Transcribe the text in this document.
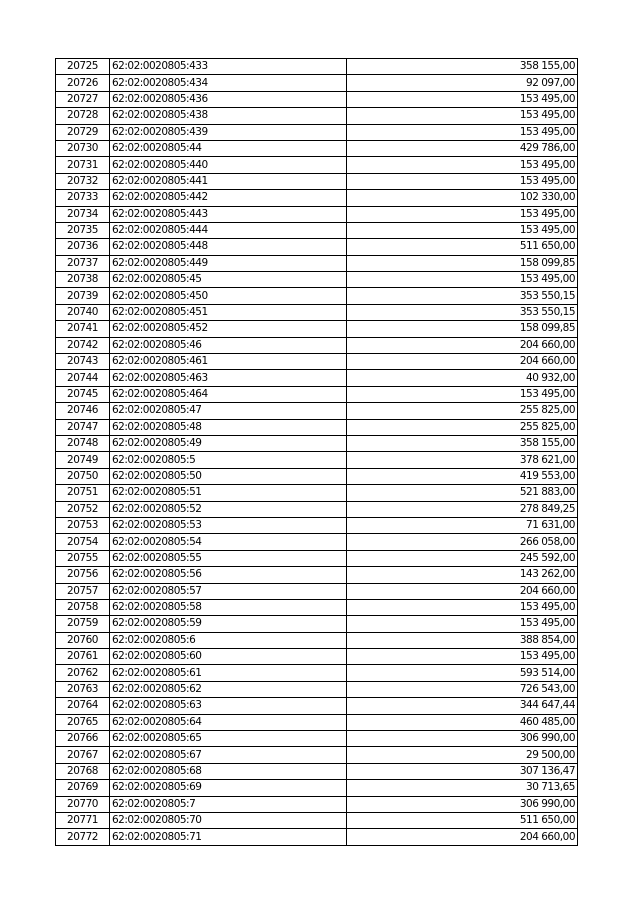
20725	62:02:0020805:433	358 155,00
20726	62:02:0020805:434	92 097,00
20727	62:02:0020805:436	153 495,00
20728	62:02:0020805:438	153 495,00
20729	62:02:0020805:439	153 495,00
20730	62:02:0020805:44	429 786,00
20731	62:02:0020805:440	153 495,00
20732	62:02:0020805:441	153 495,00
20733	62:02:0020805:442	102 330,00
20734	62:02:0020805:443	153 495,00
20735	62:02:0020805:444	153 495,00
20736	62:02:0020805:448	511 650,00
20737	62:02:0020805:449	158 099,85
20738	62:02:0020805:45	153 495,00
20739	62:02:0020805:450	353 550,15
20740	62:02:0020805:451	353 550,15
20741	62:02:0020805:452	158 099,85
20742	62:02:0020805:46	204 660,00
20743	62:02:0020805:461	204 660,00
20744	62:02:0020805:463	40 932,00
20745	62:02:0020805:464	153 495,00
20746	62:02:0020805:47	255 825,00
20747	62:02:0020805:48	255 825,00
20748	62:02:0020805:49	358 155,00
20749	62:02:0020805:5	378 621,00
20750	62:02:0020805:50	419 553,00
20751	62:02:0020805:51	521 883,00
20752	62:02:0020805:52	278 849,25
20753	62:02:0020805:53	71 631,00
20754	62:02:0020805:54	266 058,00
20755	62:02:0020805:55	245 592,00
20756	62:02:0020805:56	143 262,00
20757	62:02:0020805:57	204 660,00
20758	62:02:0020805:58	153 495,00
20759	62:02:0020805:59	153 495,00
20760	62:02:0020805:6	388 854,00
20761	62:02:0020805:60	153 495,00
20762	62:02:0020805:61	593 514,00
20763	62:02:0020805:62	726 543,00
20764	62:02:0020805:63	344 647,44
20765	62:02:0020805:64	460 485,00
20766	62:02:0020805:65	306 990,00
20767	62:02:0020805:67	29 500,00
20768	62:02:0020805:68	307 136,47
20769	62:02:0020805:69	30 713,65
20770	62:02:0020805:7	306 990,00
20771	62:02:0020805:70	511 650,00
20772	62:02:0020805:71	204 660,00
